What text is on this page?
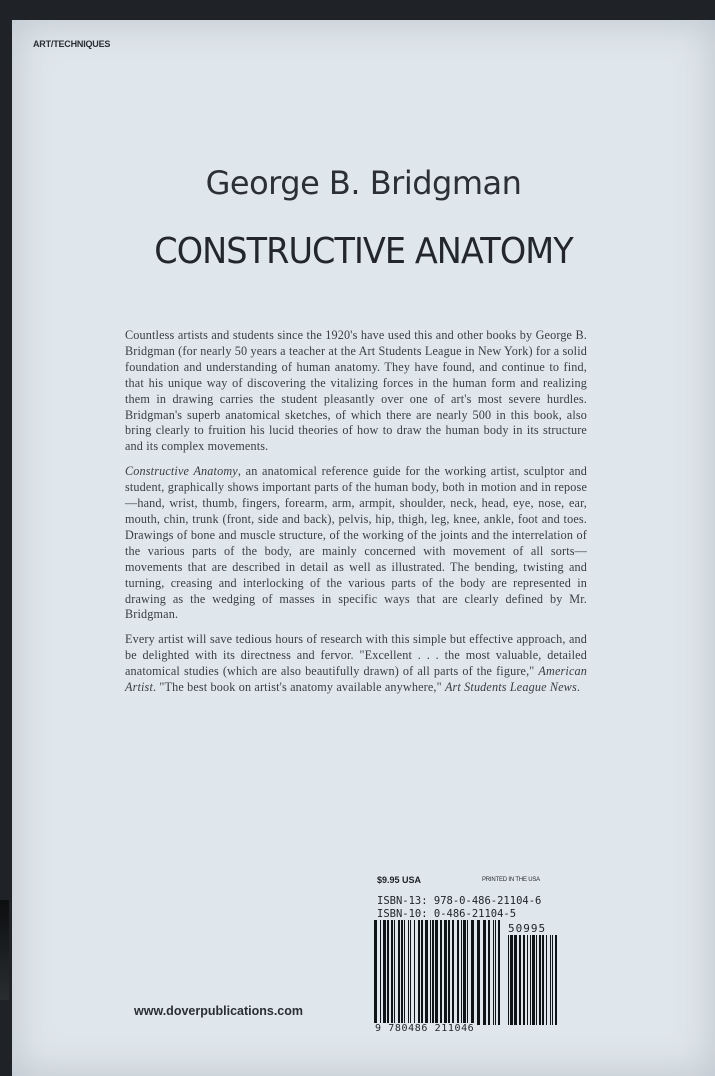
ART/TECHNIQUES
George B. Bridgman
CONSTRUCTIVE ANATOMY

Countless artists and students since the 1920's have used this and other books by George B. Bridgman (for nearly 50 years a teacher at the Art Students League in New York) for a solid foundation and understanding of human anatomy. They have found, and continue to find, that his unique way of discovering the vitalizing forces in the human form and realizing them in drawing carries the student pleasantly over one of art's most severe hurdles. Bridgman's superb anatomical sketches, of which there are nearly 500 in this book, also bring clearly to fruition his lucid theories of how to draw the human body in its structure and its complex movements.

Constructive Anatomy, an anatomical reference guide for the working artist, sculptor and student, graphically shows important parts of the human body, both in motion and in repose—hand, wrist, thumb, fingers, forearm, arm, armpit, shoulder, neck, head, eye, nose, ear, mouth, chin, trunk (front, side and back), pelvis, hip, thigh, leg, knee, ankle, foot and toes. Drawings of bone and muscle structure, of the working of the joints and the interrelation of the various parts of the body, are mainly concerned with movement of all sorts—movements that are described in detail as well as illustrated. The bending, twisting and turning, creasing and interlocking of the various parts of the body are represented in drawing as the wedging of masses in specific ways that are clearly defined by Mr. Bridgman.

Every artist will save tedious hours of research with this simple but effective approach, and be delighted with its directness and fervor. "Excellent . . . the most valuable, detailed anatomical studies (which are also beautifully drawn) of all parts of the figure," American Artist. "The best book on artist's anatomy available anywhere," Art Students League News.

$9.95 USA	PRINTED IN THE USA
ISBN-13: 978-0-486-21104-6
ISBN-10: 0-486-21104-5
50995
9 780486 211046
www.doverpublications.com
